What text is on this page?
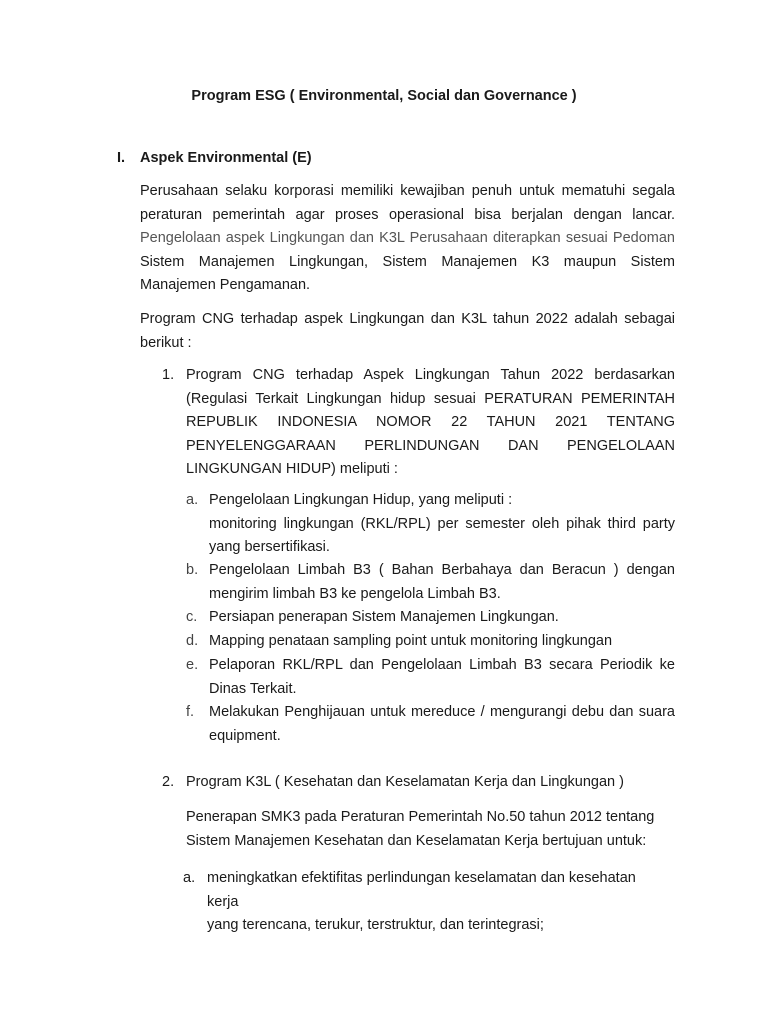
Program ESG ( Environmental, Social dan Governance )
I. Aspek Environmental (E)
Perusahaan selaku korporasi memiliki kewajiban penuh untuk mematuhi segala peraturan pemerintah agar proses operasional bisa berjalan dengan lancar. Pengelolaan aspek Lingkungan dan K3L Perusahaan diterapkan sesuai Pedoman Sistem Manajemen Lingkungan, Sistem Manajemen K3 maupun Sistem Manajemen Pengamanan.
Program CNG terhadap aspek Lingkungan dan K3L tahun 2022 adalah sebagai berikut :
1. Program CNG terhadap Aspek Lingkungan Tahun 2022 berdasarkan (Regulasi Terkait Lingkungan hidup sesuai PERATURAN PEMERINTAH REPUBLIK INDONESIA NOMOR 22 TAHUN 2021 TENTANG PENYELENGGARAAN PERLINDUNGAN DAN PENGELOLAAN LINGKUNGAN HIDUP) meliputi :
a. Pengelolaan Lingkungan Hidup, yang meliputi :
monitoring lingkungan (RKL/RPL) per semester oleh pihak third party yang bersertifikasi.
b. Pengelolaan Limbah B3 ( Bahan Berbahaya dan Beracun ) dengan mengirim limbah B3 ke pengelola Limbah B3.
c. Persiapan penerapan Sistem Manajemen Lingkungan.
d. Mapping penataan sampling point untuk monitoring lingkungan
e. Pelaporan RKL/RPL dan Pengelolaan Limbah B3 secara Periodik ke Dinas Terkait.
f. Melakukan Penghijauan untuk mereduce / mengurangi debu dan suara equipment.
2. Program K3L ( Kesehatan dan Keselamatan Kerja dan Lingkungan )
Penerapan SMK3 pada Peraturan Pemerintah No.50 tahun 2012 tentang
Sistem Manajemen Kesehatan dan Keselamatan Kerja bertujuan untuk:
a. meningkatkan efektifitas perlindungan keselamatan dan kesehatan kerja
yang terencana, terukur, terstruktur, dan terintegrasi;
